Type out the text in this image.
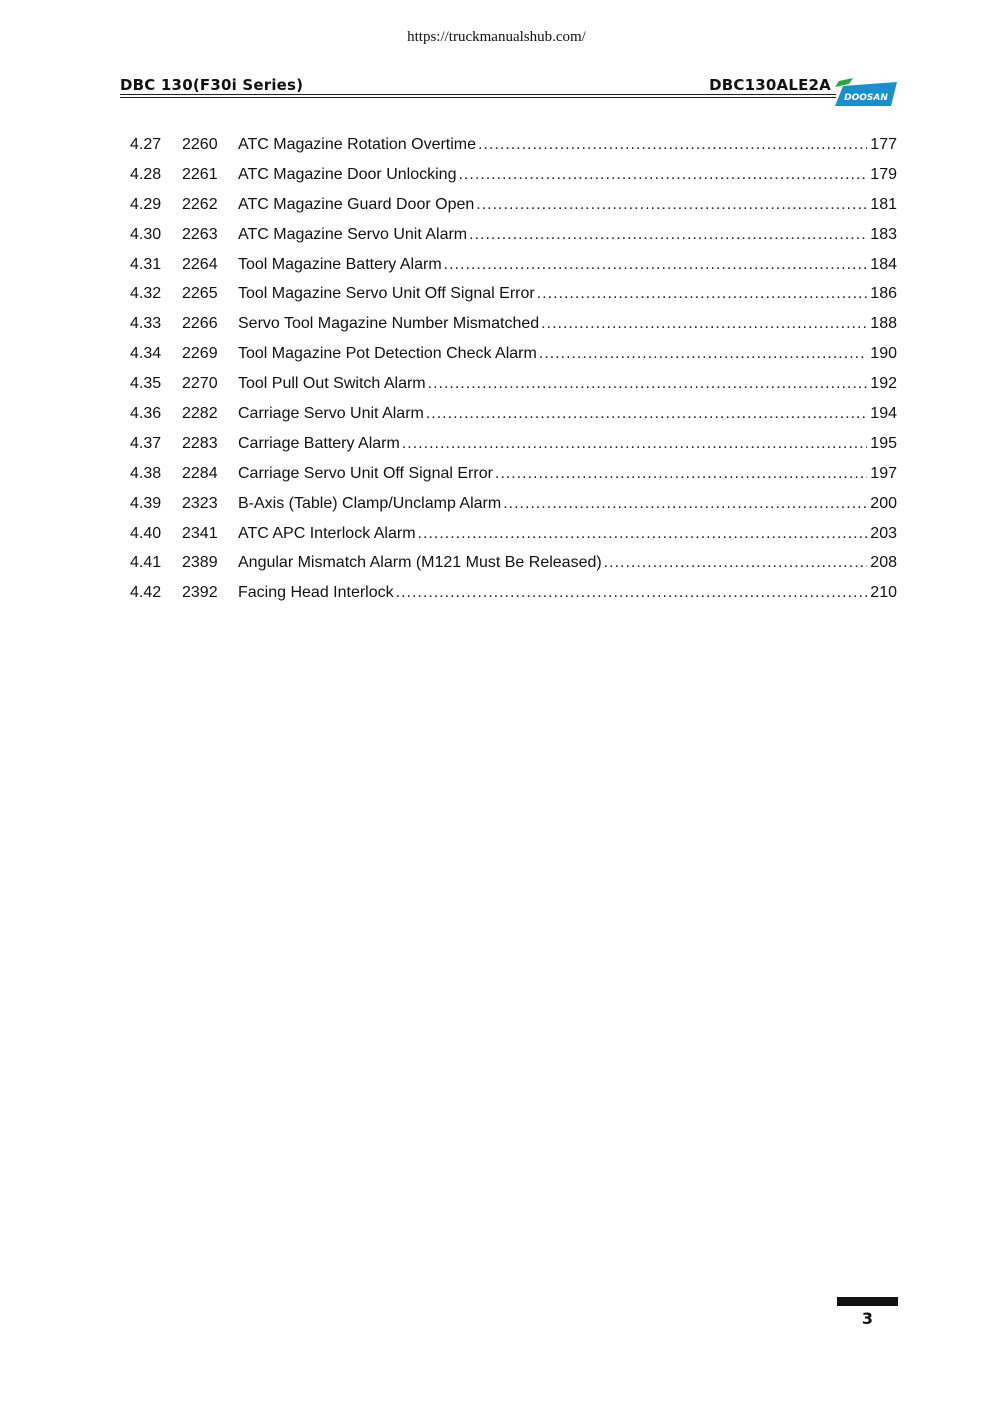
https://truckmanualshub.com/
DBC 130(F30i Series)	DBC130ALE2A
DOOSAN
4.27	2260	ATC Magazine Rotation Overtime .....	177
4.28	2261	ATC Magazine Door Unlocking .....	179
4.29	2262	ATC Magazine Guard Door Open .....	181
4.30	2263	ATC Magazine Servo Unit Alarm .....	183
4.31	2264	Tool Magazine Battery Alarm .....	184
4.32	2265	Tool Magazine Servo Unit Off Signal Error .....	186
4.33	2266	Servo Tool Magazine Number Mismatched .....	188
4.34	2269	Tool Magazine Pot Detection Check Alarm .....	190
4.35	2270	Tool Pull Out Switch Alarm .....	192
4.36	2282	Carriage Servo Unit Alarm .....	194
4.37	2283	Carriage Battery Alarm .....	195
4.38	2284	Carriage Servo Unit Off Signal Error .....	197
4.39	2323	B-Axis (Table) Clamp/Unclamp Alarm .....	200
4.40	2341	ATC APC Interlock Alarm .....	203
4.41	2389	Angular Mismatch Alarm (M121 Must Be Released) .....	208
4.42	2392	Facing Head Interlock .....	210
3
